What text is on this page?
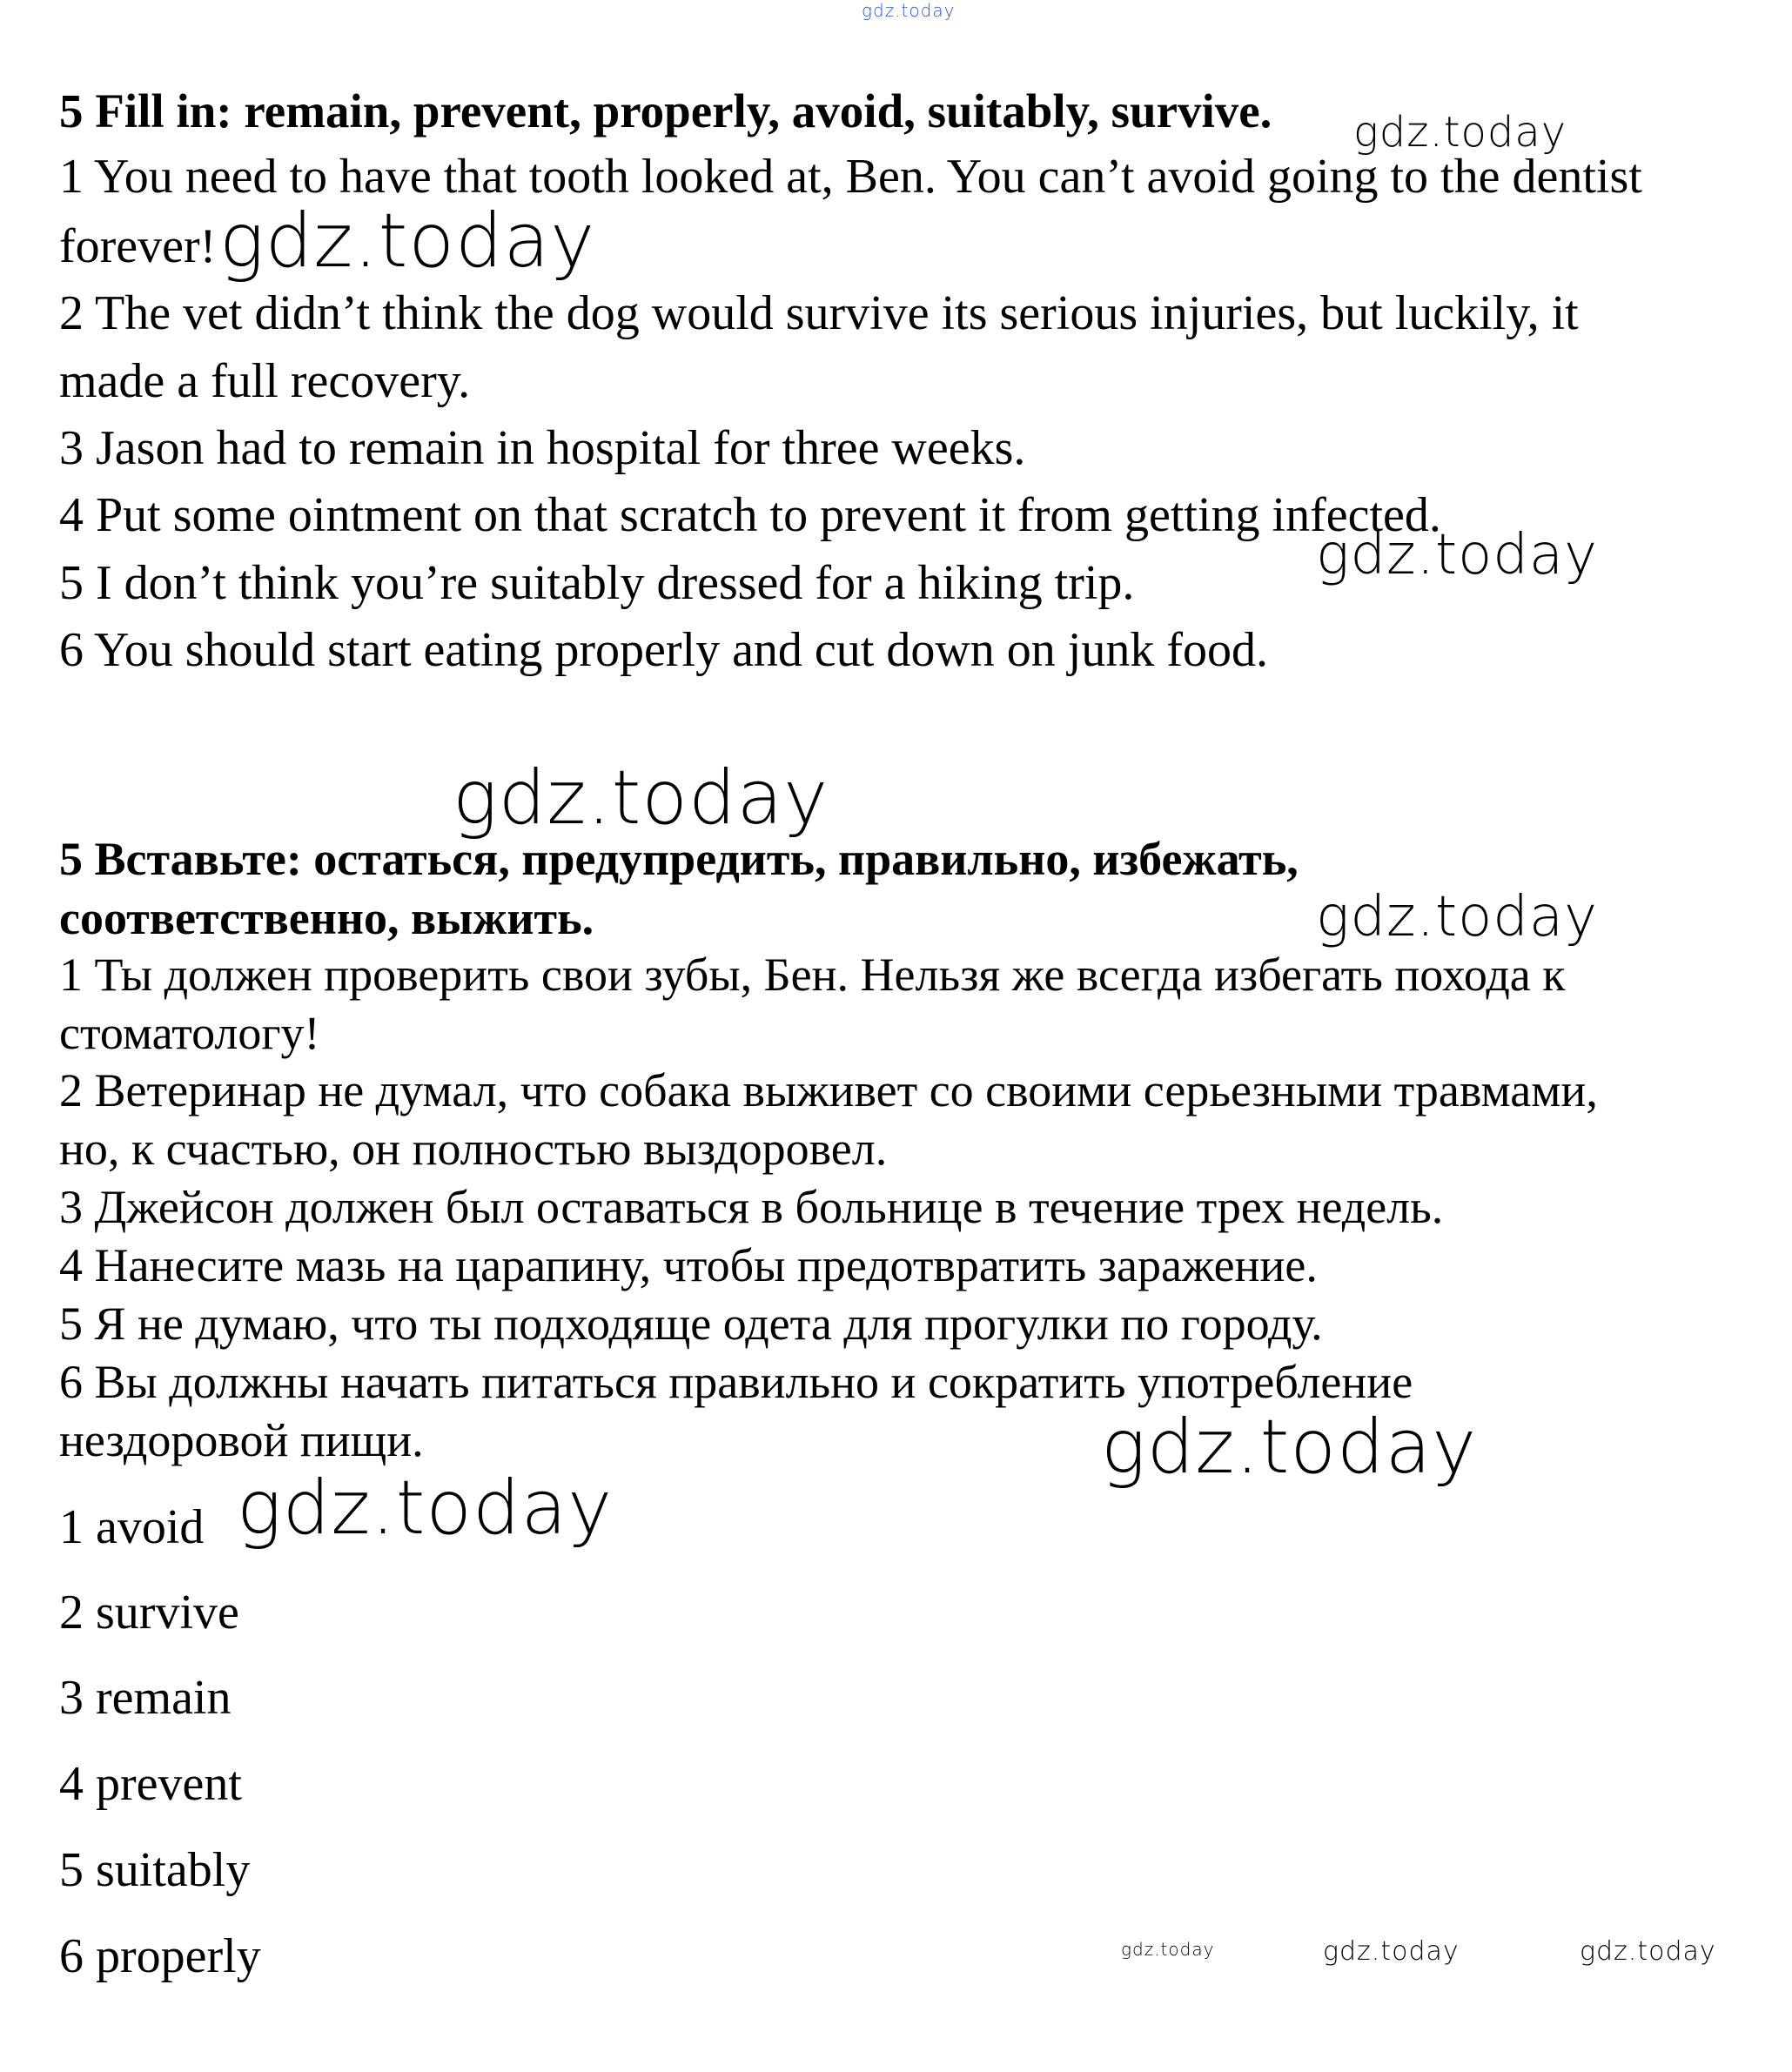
gdz.today
5 Fill in: remain, prevent, properly, avoid, suitably, survive.
1 You need to have that tooth looked at, Ben. You can’t avoid going to the dentist
forever!
2 The vet didn’t think the dog would survive its serious injuries, but luckily, it
made a full recovery.
3 Jason had to remain in hospital for three weeks.
4 Put some ointment on that scratch to prevent it from getting infected.
5 I don’t think you’re suitably dressed for a hiking trip.
6 You should start eating properly and cut down on junk food.
5 Вставьте: остаться, предупредить, правильно, избежать,
соответственно, выжить.
1 Ты должен проверить свои зубы, Бен. Нельзя же всегда избегать похода к
стоматологу!
2 Ветеринар не думал, что собака выживет со своими серьезными травмами,
но, к счастью, он полностью выздоровел.
3 Джейсон должен был оставаться в больнице в течение трех недель.
4 Нанесите мазь на царапину, чтобы предотвратить заражение.
5 Я не думаю, что ты подходяще одета для прогулки по городу.
6 Вы должны начать питаться правильно и сократить употребление
нездоровой пищи.
1 avoid
2 survive
3 remain
4 prevent
5 suitably
6 properly
gdz.today
gdz.today
gdz.today
gdz.today
gdz.today
gdz.today
gdz.today
gdz.today	gdz.today	gdz.today
